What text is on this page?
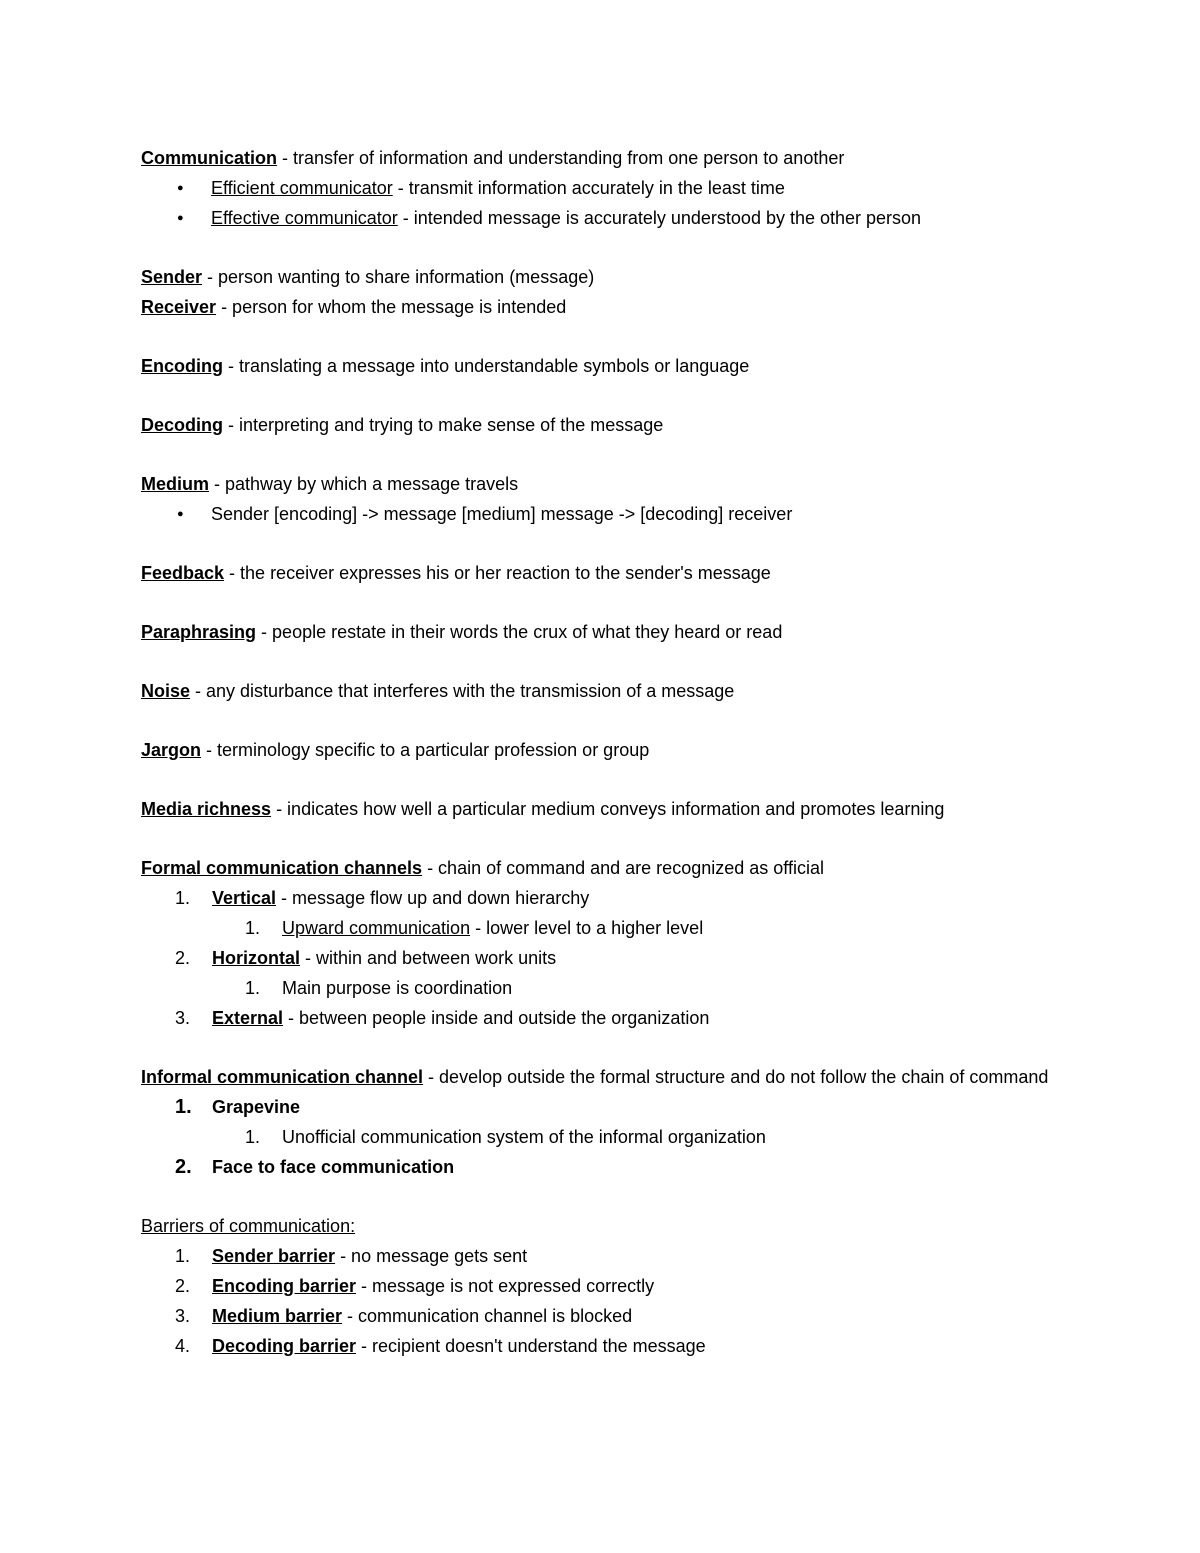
Communication - transfer of information and understanding from one person to another
● Efficient communicator - transmit information accurately in the least time
● Effective communicator - intended message is accurately understood by the other person
Sender - person wanting to share information (message)
Receiver - person for whom the message is intended
Encoding - translating a message into understandable symbols or language
Decoding - interpreting and trying to make sense of the message
Medium - pathway by which a message travels
● Sender [encoding] -> message [medium] message -> [decoding] receiver
Feedback - the receiver expresses his or her reaction to the sender's message
Paraphrasing - people restate in their words the crux of what they heard or read
Noise - any disturbance that interferes with the transmission of a message
Jargon - terminology specific to a particular profession or group
Media richness - indicates how well a particular medium conveys information and promotes learning
Formal communication channels - chain of command and are recognized as official
1.	Vertical - message flow up and down hierarchy
1.	Upward communication - lower level to a higher level
2.	Horizontal - within and between work units
1.	Main purpose is coordination
3.	External - between people inside and outside the organization
Informal communication channel - develop outside the formal structure and do not follow the chain of command
1.	Grapevine
1.	Unofficial communication system of the informal organization
2.	Face to face communication
Barriers of communication:
1.	Sender barrier - no message gets sent
2.	Encoding barrier - message is not expressed correctly
3.	Medium barrier - communication channel is blocked
4.	Decoding barrier - recipient doesn't understand the message
